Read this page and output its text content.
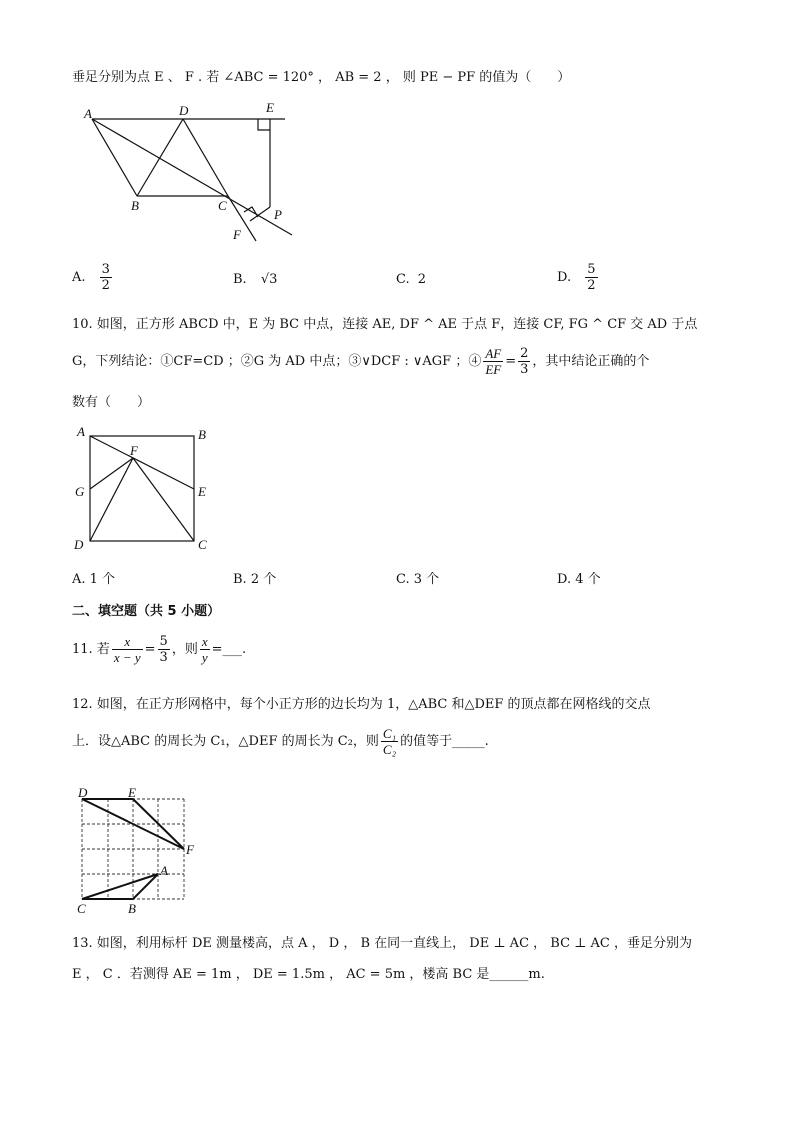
垂足分别为点 E 、 F . 若 ∠ABC = 120° ， AB = 2 ， 则 PE − PF 的值为（　　）
A	D	E
B	C
P
F
A. $\frac{3}{2}$	B. √3	C. 2	D. $\frac{5}{2}$
10. 如图，正方形 ABCD 中，E 为 BC 中点，连接 AE, DF ^ AE 于点 F，连接 CF, FG ^ CF 交 AD 于点
G，下列结论：①CF=CD ；②G 为 AD 中点；③∨DCF : ∨AGF ；④ $\frac{AF}{EF} = \frac{2}{3}$ ，其中结论正确的个
数有（　　）
A	B
F
G	E
D	C
A. 1 个	B. 2 个	C. 3 个	D. 4 个
二、填空题（共 5 小题）
11. 若 $\frac{x}{x - y} = \frac{5}{3}$ ，则 $\frac{x}{y}$ =___.
12. 如图，在正方形网格中，每个小正方形的边长均为 1，△ABC 和△DEF 的顶点都在网格线的交点
上．设△ABC 的周长为 C₁，△DEF 的周长为 C₂，则 $\frac{\text{C₁}}{\text{C₂}}$ 的值等于_____.
D	E
F
A
C	B
13. 如图，利用标杆 DE 测量楼高，点 A ， D ， B 在同一直线上， DE ⊥ AC ， BC ⊥ AC ，垂足分别为
E ， C ．若测得 AE = 1m ， DE = 1.5m ， AC = 5m ，楼高 BC 是______m.
